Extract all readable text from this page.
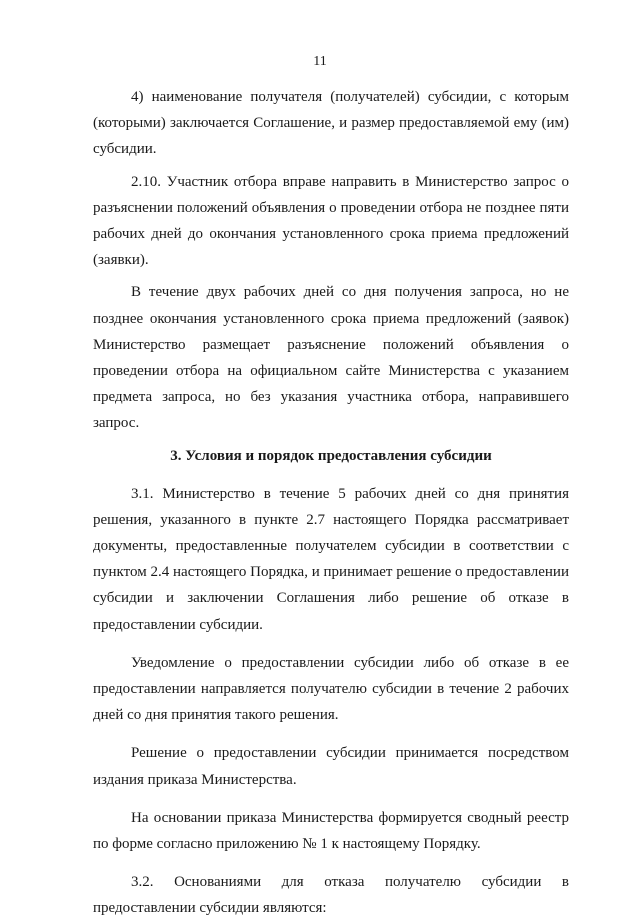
11

4) наименование получателя (получателей) субсидии, с которым (которыми) заключается Соглашение, и размер предоставляемой ему (им) субсидии.

2.10. Участник отбора вправе направить в Министерство запрос о разъяснении положений объявления о проведении отбора не позднее пяти рабочих дней до окончания установленного срока приема предложений (заявки).

В течение двух рабочих дней со дня получения запроса, но не позднее окончания установленного срока приема предложений (заявок) Министерство размещает разъяснение положений объявления о проведении отбора на официальном сайте Министерства с указанием предмета запроса, но без указания участника отбора, направившего запрос.

3. Условия и порядок предоставления субсидии

3.1. Министерство в течение 5 рабочих дней со дня принятия решения, указанного в пункте 2.7 настоящего Порядка рассматривает документы, предоставленные получателем субсидии в соответствии с пунктом 2.4 настоящего Порядка, и принимает решение о предоставлении субсидии и заключении Соглашения либо решение об отказе в предоставлении субсидии.

Уведомление о предоставлении субсидии либо об отказе в ее предоставлении направляется получателю субсидии в течение 2 рабочих дней со дня принятия такого решения.

Решение о предоставлении субсидии принимается посредством издания приказа Министерства.

На основании приказа Министерства формируется сводный реестр по форме согласно приложению № 1 к настоящему Порядку.

3.2. Основаниями для отказа получателю субсидии в предоставлении субсидии являются:
